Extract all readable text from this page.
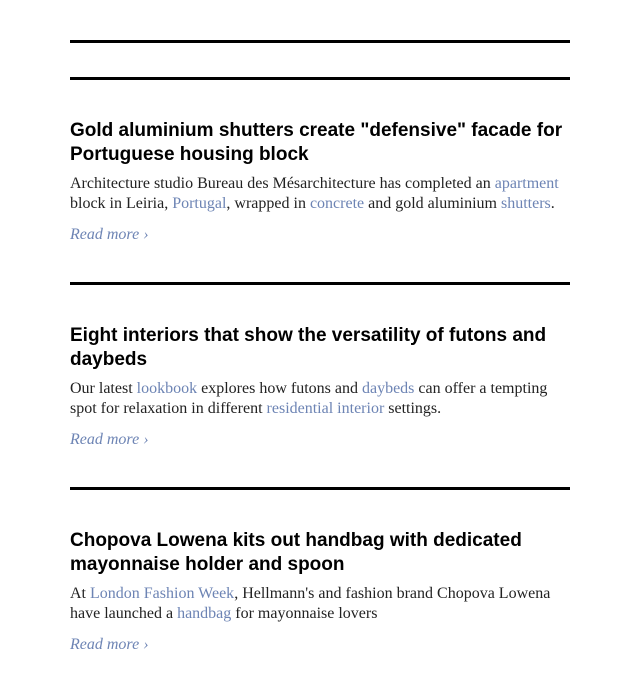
Gold aluminium shutters create "defensive" facade for Portuguese housing block

Architecture studio Bureau des Mésarchitecture has completed an apartment block in Leiria, Portugal, wrapped in concrete and gold aluminium shutters.

Read more ›
Eight interiors that show the versatility of futons and daybeds

Our latest lookbook explores how futons and daybeds can offer a tempting spot for relaxation in different residential interior settings.

Read more ›
Chopova Lowena kits out handbag with dedicated mayonnaise holder and spoon

At London Fashion Week, Hellmann's and fashion brand Chopova Lowena have launched a handbag for mayonnaise lovers

Read more ›
